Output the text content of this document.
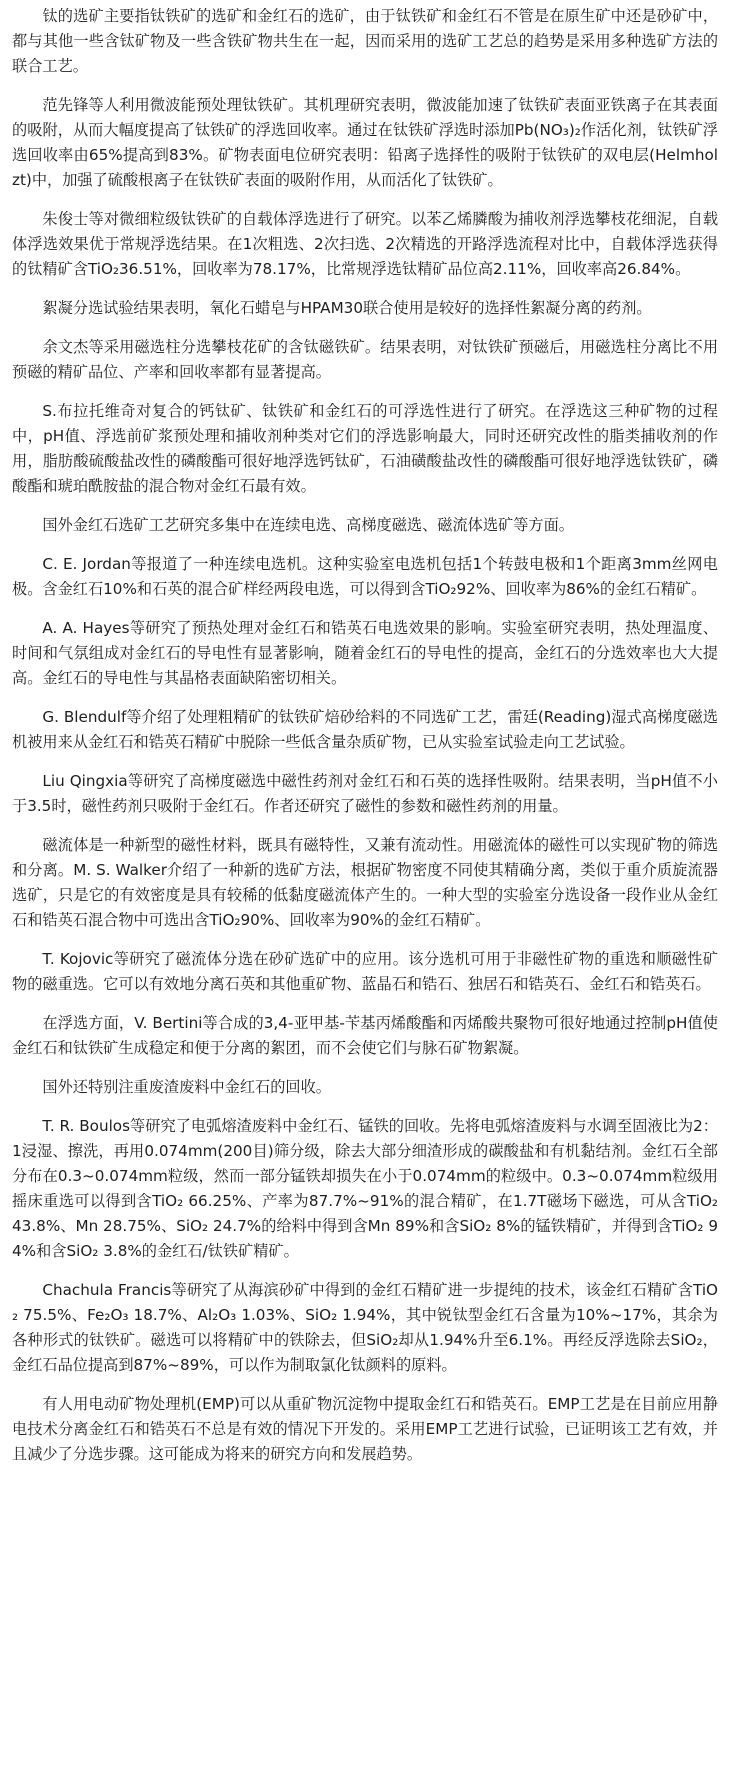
钛的选矿主要指钛铁矿的选矿和金红石的选矿，由于钛铁矿和金红石不管是在原生矿中还是砂矿中，都与其他一些含钛矿物及一些含铁矿物共生在一起，因而采用的选矿工艺总的趋势是采用多种选矿方法的联合工艺。

范先锋等人利用微波能预处理钛铁矿。其机理研究表明，微波能加速了钛铁矿表面亚铁离子在其表面的吸附，从而大幅度提高了钛铁矿的浮选回收率。通过在钛铁矿浮选时添加Pb(NO₃)₂作活化剂，钛铁矿浮选回收率由65%提高到83%。矿物表面电位研究表明：铅离子选择性的吸附于钛铁矿的双电层(Helmholzt)中，加强了硫酸根离子在钛铁矿表面的吸附作用，从而活化了钛铁矿。

朱俊士等对微细粒级钛铁矿的自载体浮选进行了研究。以苯乙烯膦酸为捕收剂浮选攀枝花细泥，自载体浮选效果优于常规浮选结果。在1次粗选、2次扫选、2次精选的开路浮选流程对比中，自载体浮选获得的钛精矿含TiO₂36.51%，回收率为78.17%，比常规浮选钛精矿品位高2.11%，回收率高26.84%。

絮凝分选试验结果表明，氧化石蜡皂与HPAM30联合使用是较好的选择性絮凝分离的药剂。

余文杰等采用磁选柱分选攀枝花矿的含钛磁铁矿。结果表明，对钛铁矿预磁后，用磁选柱分离比不用预磁的精矿品位、产率和回收率都有显著提高。

S.布拉托维奇对复合的钙钛矿、钛铁矿和金红石的可浮选性进行了研究。在浮选这三种矿物的过程中，pH值、浮选前矿浆预处理和捕收剂种类对它们的浮选影响最大，同时还研究改性的脂类捕收剂的作用，脂肪酸硫酸盐改性的磷酸酯可很好地浮选钙钛矿，石油磺酸盐改性的磷酸酯可很好地浮选钛铁矿，磷酸酯和琥珀酰胺盐的混合物对金红石最有效。

国外金红石选矿工艺研究多集中在连续电选、高梯度磁选、磁流体选矿等方面。

C. E. Jordan等报道了一种连续电选机。这种实验室电选机包括1个转鼓电极和1个距离3mm丝网电极。含金红石10%和石英的混合矿样经两段电选，可以得到含TiO₂92%、回收率为86%的金红石精矿。

A. A. Hayes等研究了预热处理对金红石和锆英石电选效果的影响。实验室研究表明，热处理温度、时间和气氛组成对金红石的导电性有显著影响，随着金红石的导电性的提高，金红石的分选效率也大大提高。金红石的导电性与其晶格表面缺陷密切相关。

G. Blendulf等介绍了处理粗精矿的钛铁矿焙砂给料的不同选矿工艺，雷廷(Reading)湿式高梯度磁选机被用来从金红石和锆英石精矿中脱除一些低含量杂质矿物，已从实验室试验走向工艺试验。

Liu Qingxia等研究了高梯度磁选中磁性药剂对金红石和石英的选择性吸附。结果表明，当pH值不小于3.5时，磁性药剂只吸附于金红石。作者还研究了磁性的参数和磁性药剂的用量。

磁流体是一种新型的磁性材料，既具有磁特性，又兼有流动性。用磁流体的磁性可以实现矿物的筛选和分离。M. S. Walker介绍了一种新的选矿方法，根据矿物密度不同使其精确分离，类似于重介质旋流器选矿，只是它的有效密度是具有较稀的低黏度磁流体产生的。一种大型的实验室分选设备一段作业从金红石和锆英石混合物中可选出含TiO₂90%、回收率为90%的金红石精矿。

T. Kojovic等研究了磁流体分选在砂矿选矿中的应用。该分选机可用于非磁性矿物的重选和顺磁性矿物的磁重选。它可以有效地分离石英和其他重矿物、蓝晶石和锆石、独居石和锆英石、金红石和锆英石。

在浮选方面，V. Bertini等合成的3,4-亚甲基-苄基丙烯酸酯和丙烯酸共聚物可很好地通过控制pH值使金红石和钛铁矿生成稳定和便于分离的絮团，而不会使它们与脉石矿物絮凝。

国外还特别注重废渣废料中金红石的回收。

T. R. Boulos等研究了电弧熔渣废料中金红石、锰铁的回收。先将电弧熔渣废料与水调至固液比为2：1浸湿、擦洗，再用0.074mm(200目)筛分级，除去大部分细渣形成的碳酸盐和有机黏结剂。金红石全部分布在0.3~0.074mm粒级，然而一部分锰铁却损失在小于0.074mm的粒级中。0.3~0.074mm粒级用摇床重选可以得到含TiO₂ 66.25%、产率为87.7%~91%的混合精矿，在1.7T磁场下磁选，可从含TiO₂ 43.8%、Mn 28.75%、SiO₂ 24.7%的给料中得到含Mn 89%和含SiO₂ 8%的锰铁精矿，并得到含TiO₂ 94%和含SiO₂ 3.8%的金红石/钛铁矿精矿。

Chachula Francis等研究了从海滨砂矿中得到的金红石精矿进一步提纯的技术，该金红石精矿含TiO₂ 75.5%、Fe₂O₃ 18.7%、Al₂O₃ 1.03%、SiO₂ 1.94%，其中锐钛型金红石含量为10%~17%，其余为各种形式的钛铁矿。磁选可以将精矿中的铁除去，但SiO₂却从1.94%升至6.1%。再经反浮选除去SiO₂，金红石品位提高到87%~89%，可以作为制取氯化钛颜料的原料。

有人用电动矿物处理机(EMP)可以从重矿物沉淀物中提取金红石和锆英石。EMP工艺是在目前应用静电技术分离金红石和锆英石不总是有效的情况下开发的。采用EMP工艺进行试验，已证明该工艺有效，并且减少了分选步骤。这可能成为将来的研究方向和发展趋势。
